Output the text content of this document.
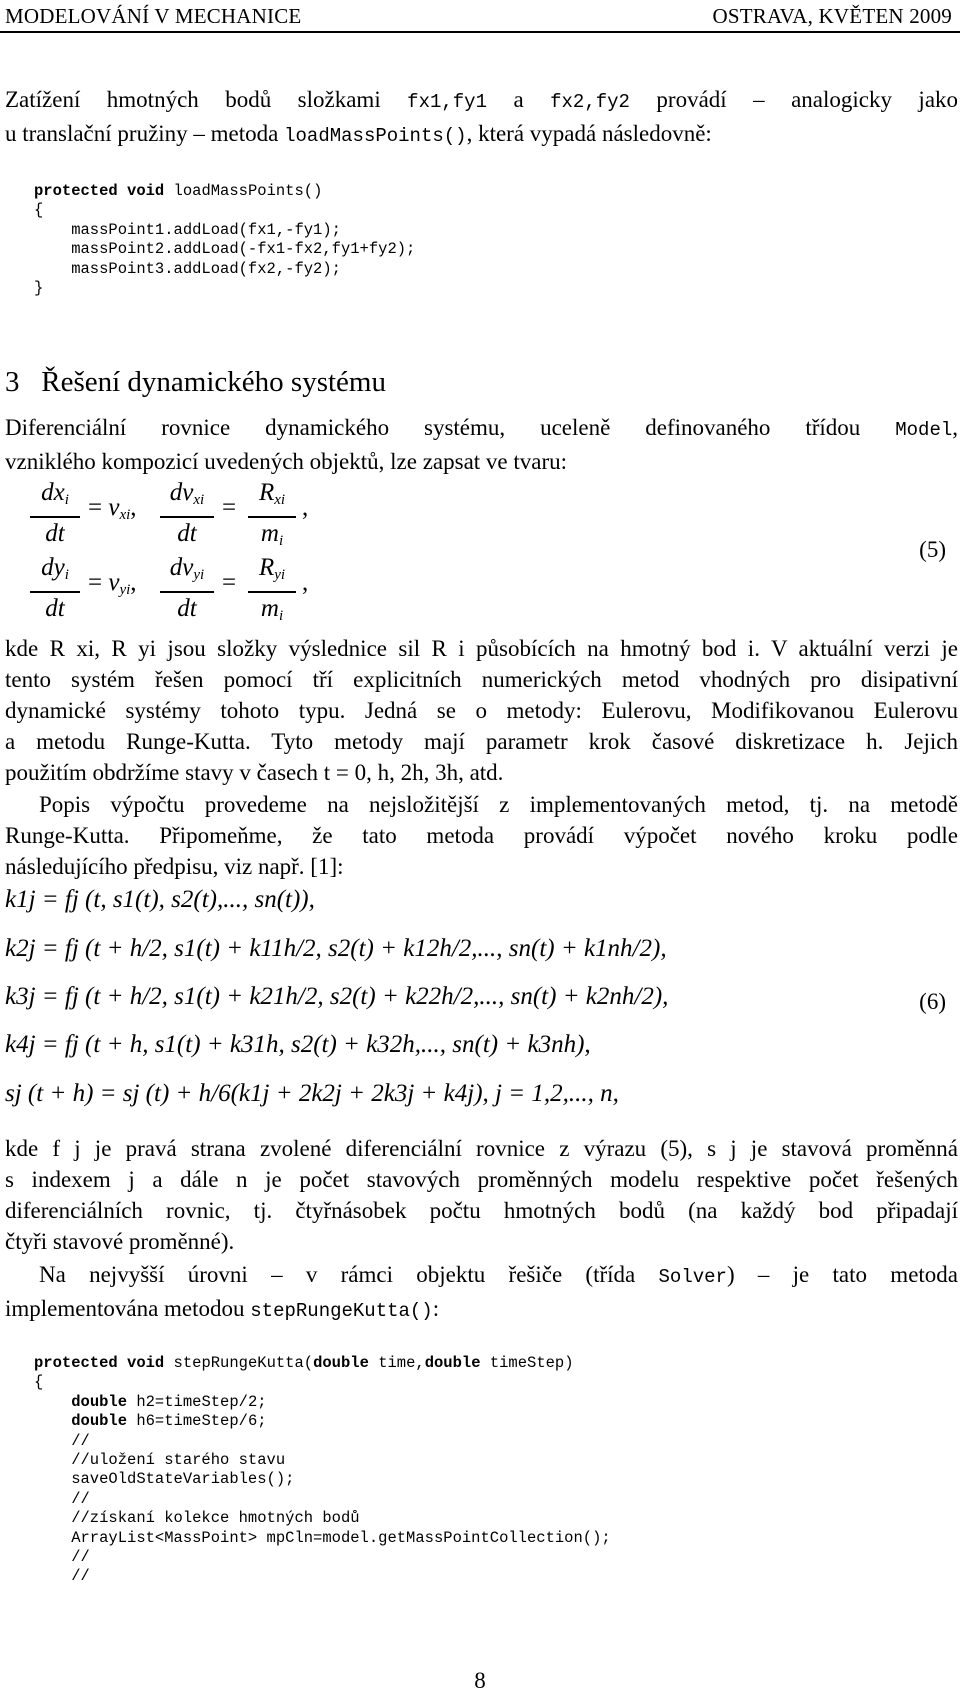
MODELOVÁNÍ V MECHANICE	OSTRAVA, KVĚTEN 2009
Zatížení hmotných bodů složkami fx1,fy1 a fx2,fy2 provádí – analogicky jako
u translační pružiny – metoda loadMassPoints(), která vypadá následovně:
protected void loadMassPoints()
{
massPoint1.addLoad(fx1,-fy1);
massPoint2.addLoad(-fx1-fx2,fy1+fy2);
massPoint3.addLoad(fx2,-fy2);
}
3 Řešení dynamického systému
Diferenciální rovnice dynamického systému, uceleně definovaného třídou Model,
vzniklého kompozicí uvedených objektů, lze zapsat ve tvaru:
$dx_i$
dt
= $v_{xi}$,
$dv_{xi}$
dt
=
$R_{xi}$
$m_i$
,
$dy_i$
dt
= $v_{yi}$,
$dv_{yi}$
dt
=
$R_{yi}$
$m_i$
,
(5)
kde R xi, R yi jsou složky výslednice sil R i působících na hmotný bod i. V aktuální verzi je
tento systém řešen pomocí tří explicitních numerických metod vhodných pro disipativní
dynamické systémy tohoto typu. Jedná se o metody: Eulerovu, Modifikovanou Eulerovu
a metodu Runge-Kutta. Tyto metody mají parametr krok časové diskretizace h. Jejich
použitím obdržíme stavy v časech t = 0, h, 2h, 3h, atd.
Popis výpočtu provedeme na nejsložitější z implementovaných metod, tj. na metodě
Runge-Kutta. Připomeňme, že tato metoda provádí výpočet nového kroku podle
následujícího předpisu, viz např. [1]:
k1j = fj (t, s1(t), s2(t),..., sn(t)),
k2j = fj (t + h/2, s1(t) + k11h/2, s2(t) + k12h/2,..., sn(t) + k1nh/2),
k3j = fj (t + h/2, s1(t) + k21h/2, s2(t) + k22h/2,..., sn(t) + k2nh/2),
k4j = fj (t + h, s1(t) + k31h, s2(t) + k32h,..., sn(t) + k3nh),
sj (t + h) = sj (t) + h/6(k1j + 2k2j + 2k3j + k4j), j = 1,2,..., n,
(6)
kde f j je pravá strana zvolené diferenciální rovnice z výrazu (5), s j je stavová proměnná
s indexem j a dále n je počet stavových proměnných modelu respektive počet řešených
diferenciálních rovnic, tj. čtyřnásobek počtu hmotných bodů (na každý bod připadají
čtyři stavové proměnné).
Na nejvyšší úrovni – v rámci objektu řešiče (třída Solver) – je tato metoda
implementována metodou stepRungeKutta():
protected void stepRungeKutta(double time,double timeStep)
{
double h2=timeStep/2;
double h6=timeStep/6;
//
//uložení starého stavu
saveOldStateVariables();
//
//získaní kolekce hmotných bodů
ArrayList<MassPoint> mpCln=model.getMassPointCollection();
//
//
8
